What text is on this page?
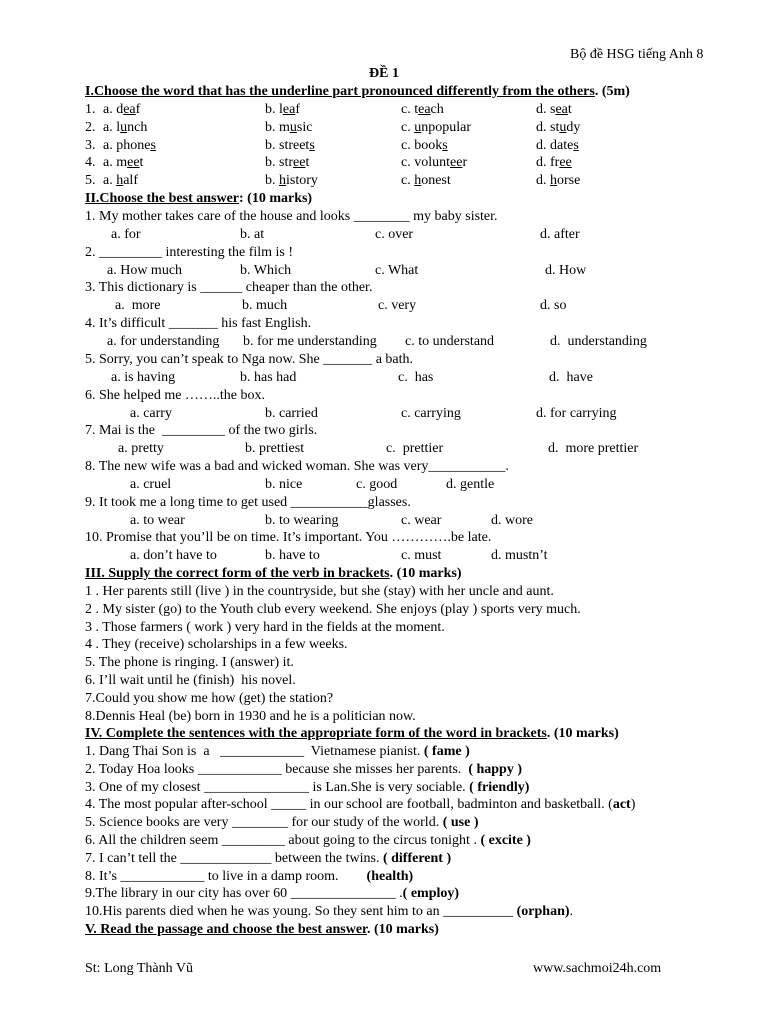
Bộ đề HSG tiếng Anh 8
ĐỀ 1
I.Choose the word that has the underline part pronounced differently from the others. (5m)
1. a. deaf	b. leaf	c. teach	d. seat
2. a. lunch	b. music	c. unpopular	d. study
3. a. phones	b. streets	c. books	d. dates
4. a. meet	b. street	c. volunteer	d. free
5. a. half	b. history	c. honest	d. horse
II.Choose the best answer: (10 marks)
1. My mother takes care of the house and looks ________ my baby sister.
a. for	b. at	c. over	d. after
2. _________ interesting the film is !
a. How much	b. Which	c. What	d. How
3. This dictionary is ______ cheaper than the other.
a.  more	b. much	c. very	d. so
4. It’s difficult _______ his fast English.
a. for understanding b. for me understanding c. to understand	d.  understanding
5. Sorry, you can’t speak to Nga now. She _______ a bath.
a. is having	b. has had	c.  has	d.  have
6. She helped me ……..the box.
a. carry	b. carried	c. carrying	d. for carrying
7. Mai is the  _________ of the two girls.
a. pretty	b. prettiest	c.  prettier	d.  more prettier
8. The new wife was a bad and wicked woman. She was very___________.
a. cruel	b. nice	c. good	d. gentle
9. It took me a long time to get used ___________glasses.
a. to wear	b. to wearing	c. wear	d. wore
10. Promise that you’ll be on time. It’s important. You ………….be late.
a. don’t have to	b. have to	c. must	d. mustn’t
III. Supply the correct form of the verb in brackets. (10 marks)
1 . Her parents still (live ) in the countryside, but she (stay) with her uncle and aunt.
2 . My sister (go) to the Youth club every weekend. She enjoys (play ) sports very much.
3 . Those farmers ( work ) very hard in the fields at the moment.
4 . They (receive) scholarships in a few weeks.
5. The phone is ringing. I (answer) it.
6. I’ll wait until he (finish)  his novel.
7.Could you show me how (get) the station?
8.Dennis Heal (be) born in 1930 and he is a politician now.
IV. Complete the sentences with the appropriate form of the word in brackets. (10 marks)
1. Dang Thai Son is  a   ____________  Vietnamese pianist. ( fame )
2. Today Hoa looks ____________ because she misses her parents.  ( happy )
3. One of my closest _______________ is Lan.She is very sociable. ( friendly)
4. The most popular after-school _____ in our school are football, badminton and basketball. (act)
5. Science books are very ________ for our study of the world. ( use )
6. All the children seem _________ about going to the circus tonight . ( excite )
7. I can’t tell the _____________ between the twins. ( different )
8. It’s ____________ to live in a damp room.        (health)
9.The library in our city has over 60 _______________ .( employ)
10.His parents died when he was young. So they sent him to an __________ (orphan).
V. Read the passage and choose the best answer. (10 marks)
St: Long Thành Vũ	www.sachmoi24h.com
